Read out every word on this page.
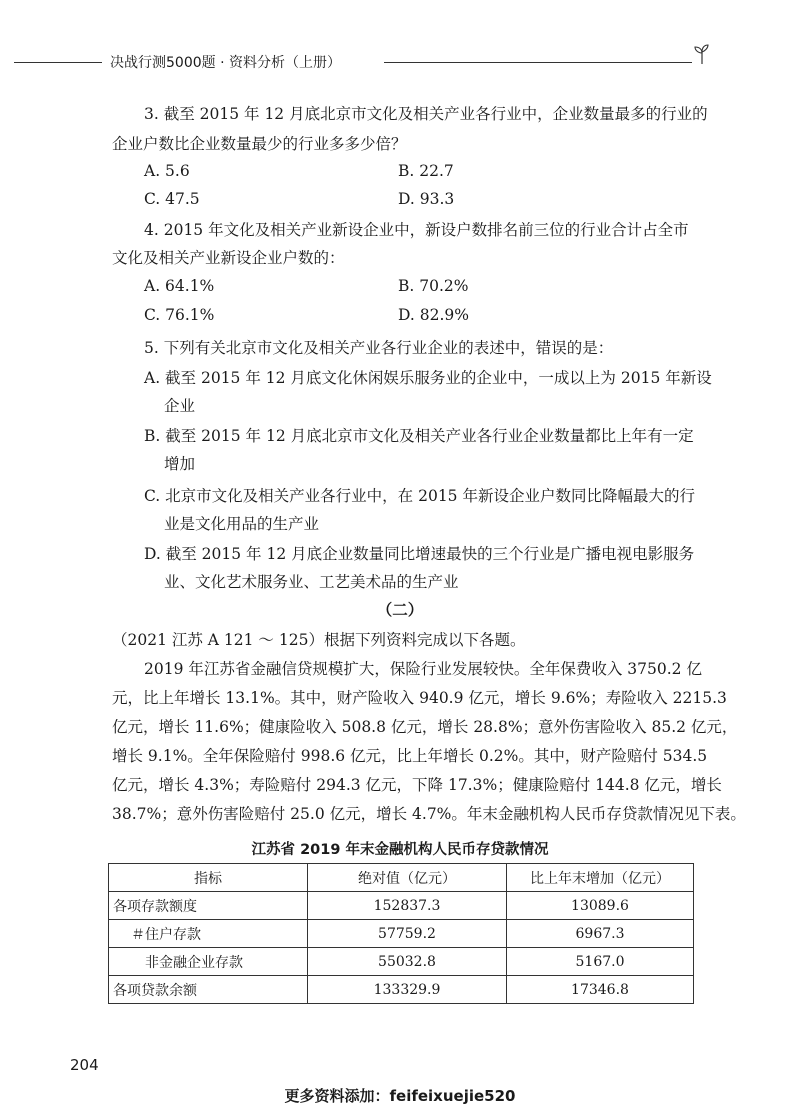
决战行测5000题 · 资料分析（上册）
3. 截至 2015 年 12 月底北京市文化及相关产业各行业中，企业数量最多的行业的
企业户数比企业数量最少的行业多多少倍？
A. 5.6	B. 22.7
C. 47.5	D. 93.3
4. 2015 年文化及相关产业新设企业中，新设户数排名前三位的行业合计占全市
文化及相关产业新设企业户数的：
A. 64.1%	B. 70.2%
C. 76.1%	D. 82.9%
5. 下列有关北京市文化及相关产业各行业企业的表述中，错误的是：
A. 截至 2015 年 12 月底文化休闲娱乐服务业的企业中，一成以上为 2015 年新设
企业
B. 截至 2015 年 12 月底北京市文化及相关产业各行业企业数量都比上年有一定
增加
C. 北京市文化及相关产业各行业中，在 2015 年新设企业户数同比降幅最大的行
业是文化用品的生产业
D. 截至 2015 年 12 月底企业数量同比增速最快的三个行业是广播电视电影服务
业、文化艺术服务业、工艺美术品的生产业
（二）
（2021 江苏 A 121 ～ 125）根据下列资料完成以下各题。
2019 年江苏省金融信贷规模扩大，保险行业发展较快。全年保费收入 3750.2 亿
元，比上年增长 13.1%。其中，财产险收入 940.9 亿元，增长 9.6%；寿险收入 2215.3
亿元，增长 11.6%；健康险收入 508.8 亿元，增长 28.8%；意外伤害险收入 85.2 亿元，
增长 9.1%。全年保险赔付 998.6 亿元，比上年增长 0.2%。其中，财产险赔付 534.5
亿元，增长 4.3%；寿险赔付 294.3 亿元，下降 17.3%；健康险赔付 144.8 亿元，增长
38.7%；意外伤害险赔付 25.0 亿元，增长 4.7%。年末金融机构人民币存贷款情况见下表。
江苏省 2019 年末金融机构人民币存贷款情况
指标	绝对值（亿元）	比上年末增加（亿元）
各项存款额度	152837.3	13089.6
＃住户存款	57759.2	6967.3
非金融企业存款	55032.8	5167.0
各项贷款余额	133329.9	17346.8
204
更多资料添加：feifeixuejie520
